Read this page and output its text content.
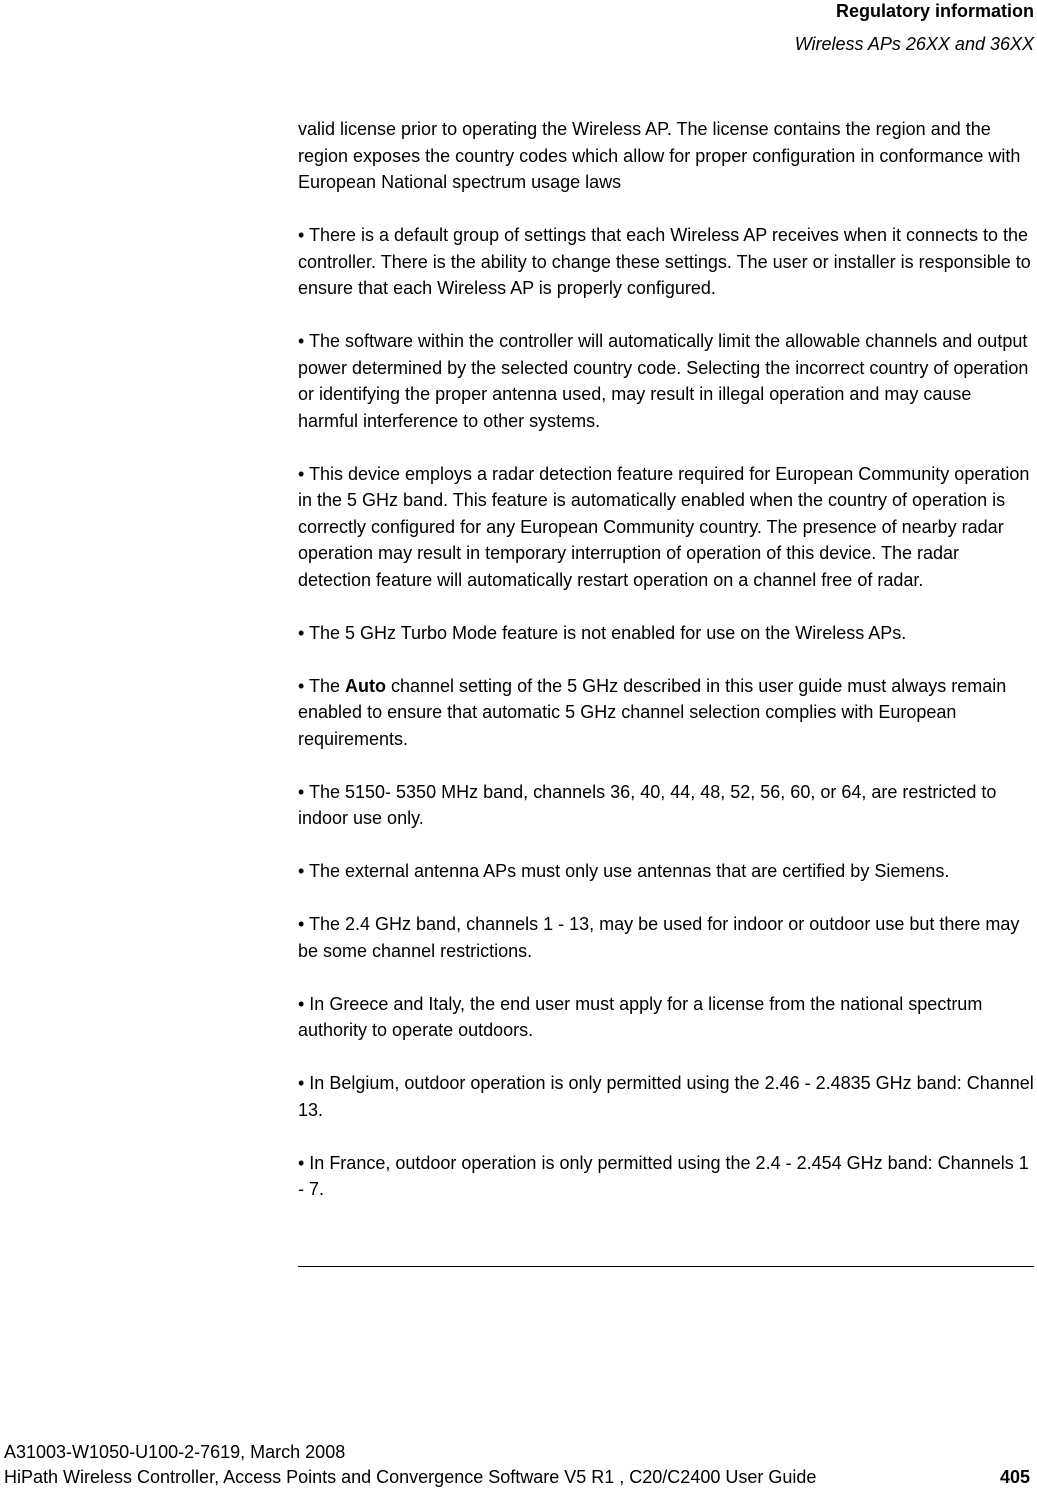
Regulatory information
Wireless APs 26XX and 36XX

valid license prior to operating the Wireless AP. The license contains the region and the region exposes the country codes which allow for proper configuration in conformance with European National spectrum usage laws

• There is a default group of settings that each Wireless AP receives when it connects to the controller. There is the ability to change these settings. The user or installer is responsible to ensure that each Wireless AP is properly configured.

• The software within the controller will automatically limit the allowable channels and output power determined by the selected country code. Selecting the incorrect country of operation or identifying the proper antenna used, may result in illegal operation and may cause harmful interference to other systems.

• This device employs a radar detection feature required for European Community operation in the 5 GHz band. This feature is automatically enabled when the country of operation is correctly configured for any European Community country. The presence of nearby radar operation may result in temporary interruption of operation of this device. The radar detection feature will automatically restart operation on a channel free of radar.

• The 5 GHz Turbo Mode feature is not enabled for use on the Wireless APs.

• The Auto channel setting of the 5 GHz described in this user guide must always remain enabled to ensure that automatic 5 GHz channel selection complies with European requirements.

• The 5150- 5350 MHz band, channels 36, 40, 44, 48, 52, 56, 60, or 64, are restricted to indoor use only.

• The external antenna APs must only use antennas that are certified by Siemens.

• The 2.4 GHz band, channels 1 - 13, may be used for indoor or outdoor use but there may be some channel restrictions.

• In Greece and Italy, the end user must apply for a license from the national spectrum authority to operate outdoors.

• In Belgium, outdoor operation is only permitted using the 2.46 - 2.4835 GHz band: Channel 13.

• In France, outdoor operation is only permitted using the 2.4 - 2.454 GHz band: Channels 1 - 7.

A31003-W1050-U100-2-7619, March 2008
HiPath Wireless Controller, Access Points and Convergence Software V5 R1 , C20/C2400 User Guide	405
